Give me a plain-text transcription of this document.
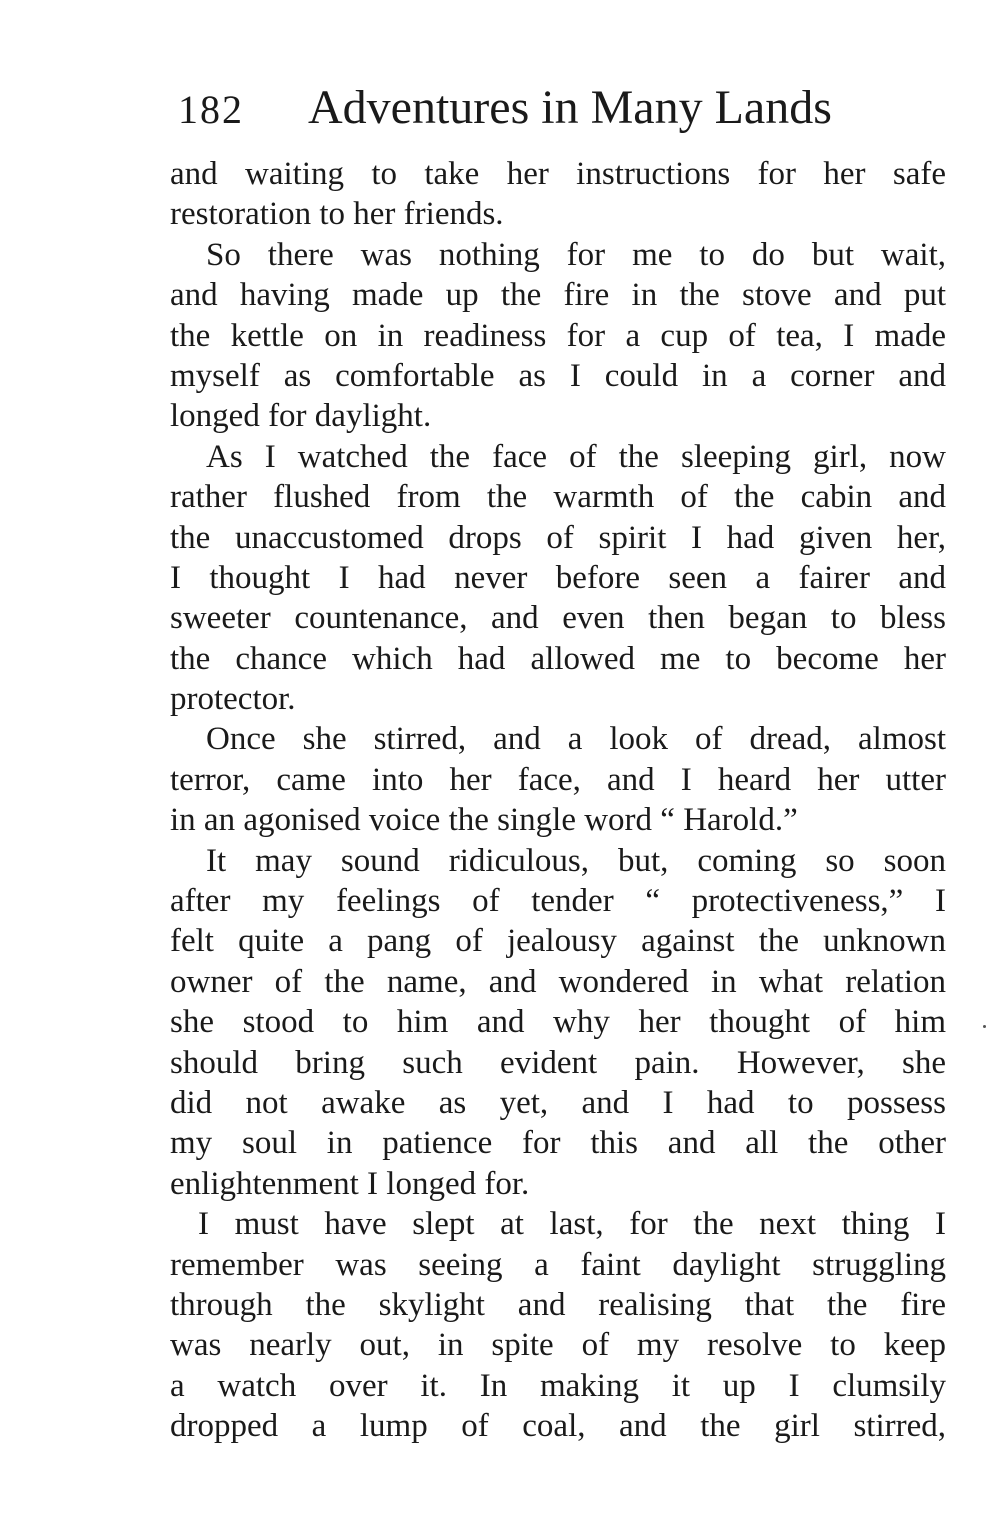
182 Adventures in Many Lands
and waiting to take her instructions for her safe
restoration to her friends.
So there was nothing for me to do but wait,
and having made up the fire in the stove and put
the kettle on in readiness for a cup of tea, I made
myself as comfortable as I could in a corner and
longed for daylight.
As I watched the face of the sleeping girl, now
rather flushed from the warmth of the cabin and
the unaccustomed drops of spirit I had given her,
I thought I had never before seen a fairer and
sweeter countenance, and even then began to bless
the chance which had allowed me to become her
protector.
Once she stirred, and a look of dread, almost
terror, came into her face, and I heard her utter
in an agonised voice the single word “ Harold.”
It may sound ridiculous, but, coming so soon
after my feelings of tender “ protectiveness,” I
felt quite a pang of jealousy against the unknown
owner of the name, and wondered in what relation
she stood to him and why her thought of him
should bring such evident pain. However, she
did not awake as yet, and I had to possess
my soul in patience for this and all the other
enlightenment I longed for.
I must have slept at last, for the next thing I
remember was seeing a faint daylight struggling
through the skylight and realising that the fire
was nearly out, in spite of my resolve to keep
a watch over it. In making it up I clumsily
dropped a lump of coal, and the girl stirred,
